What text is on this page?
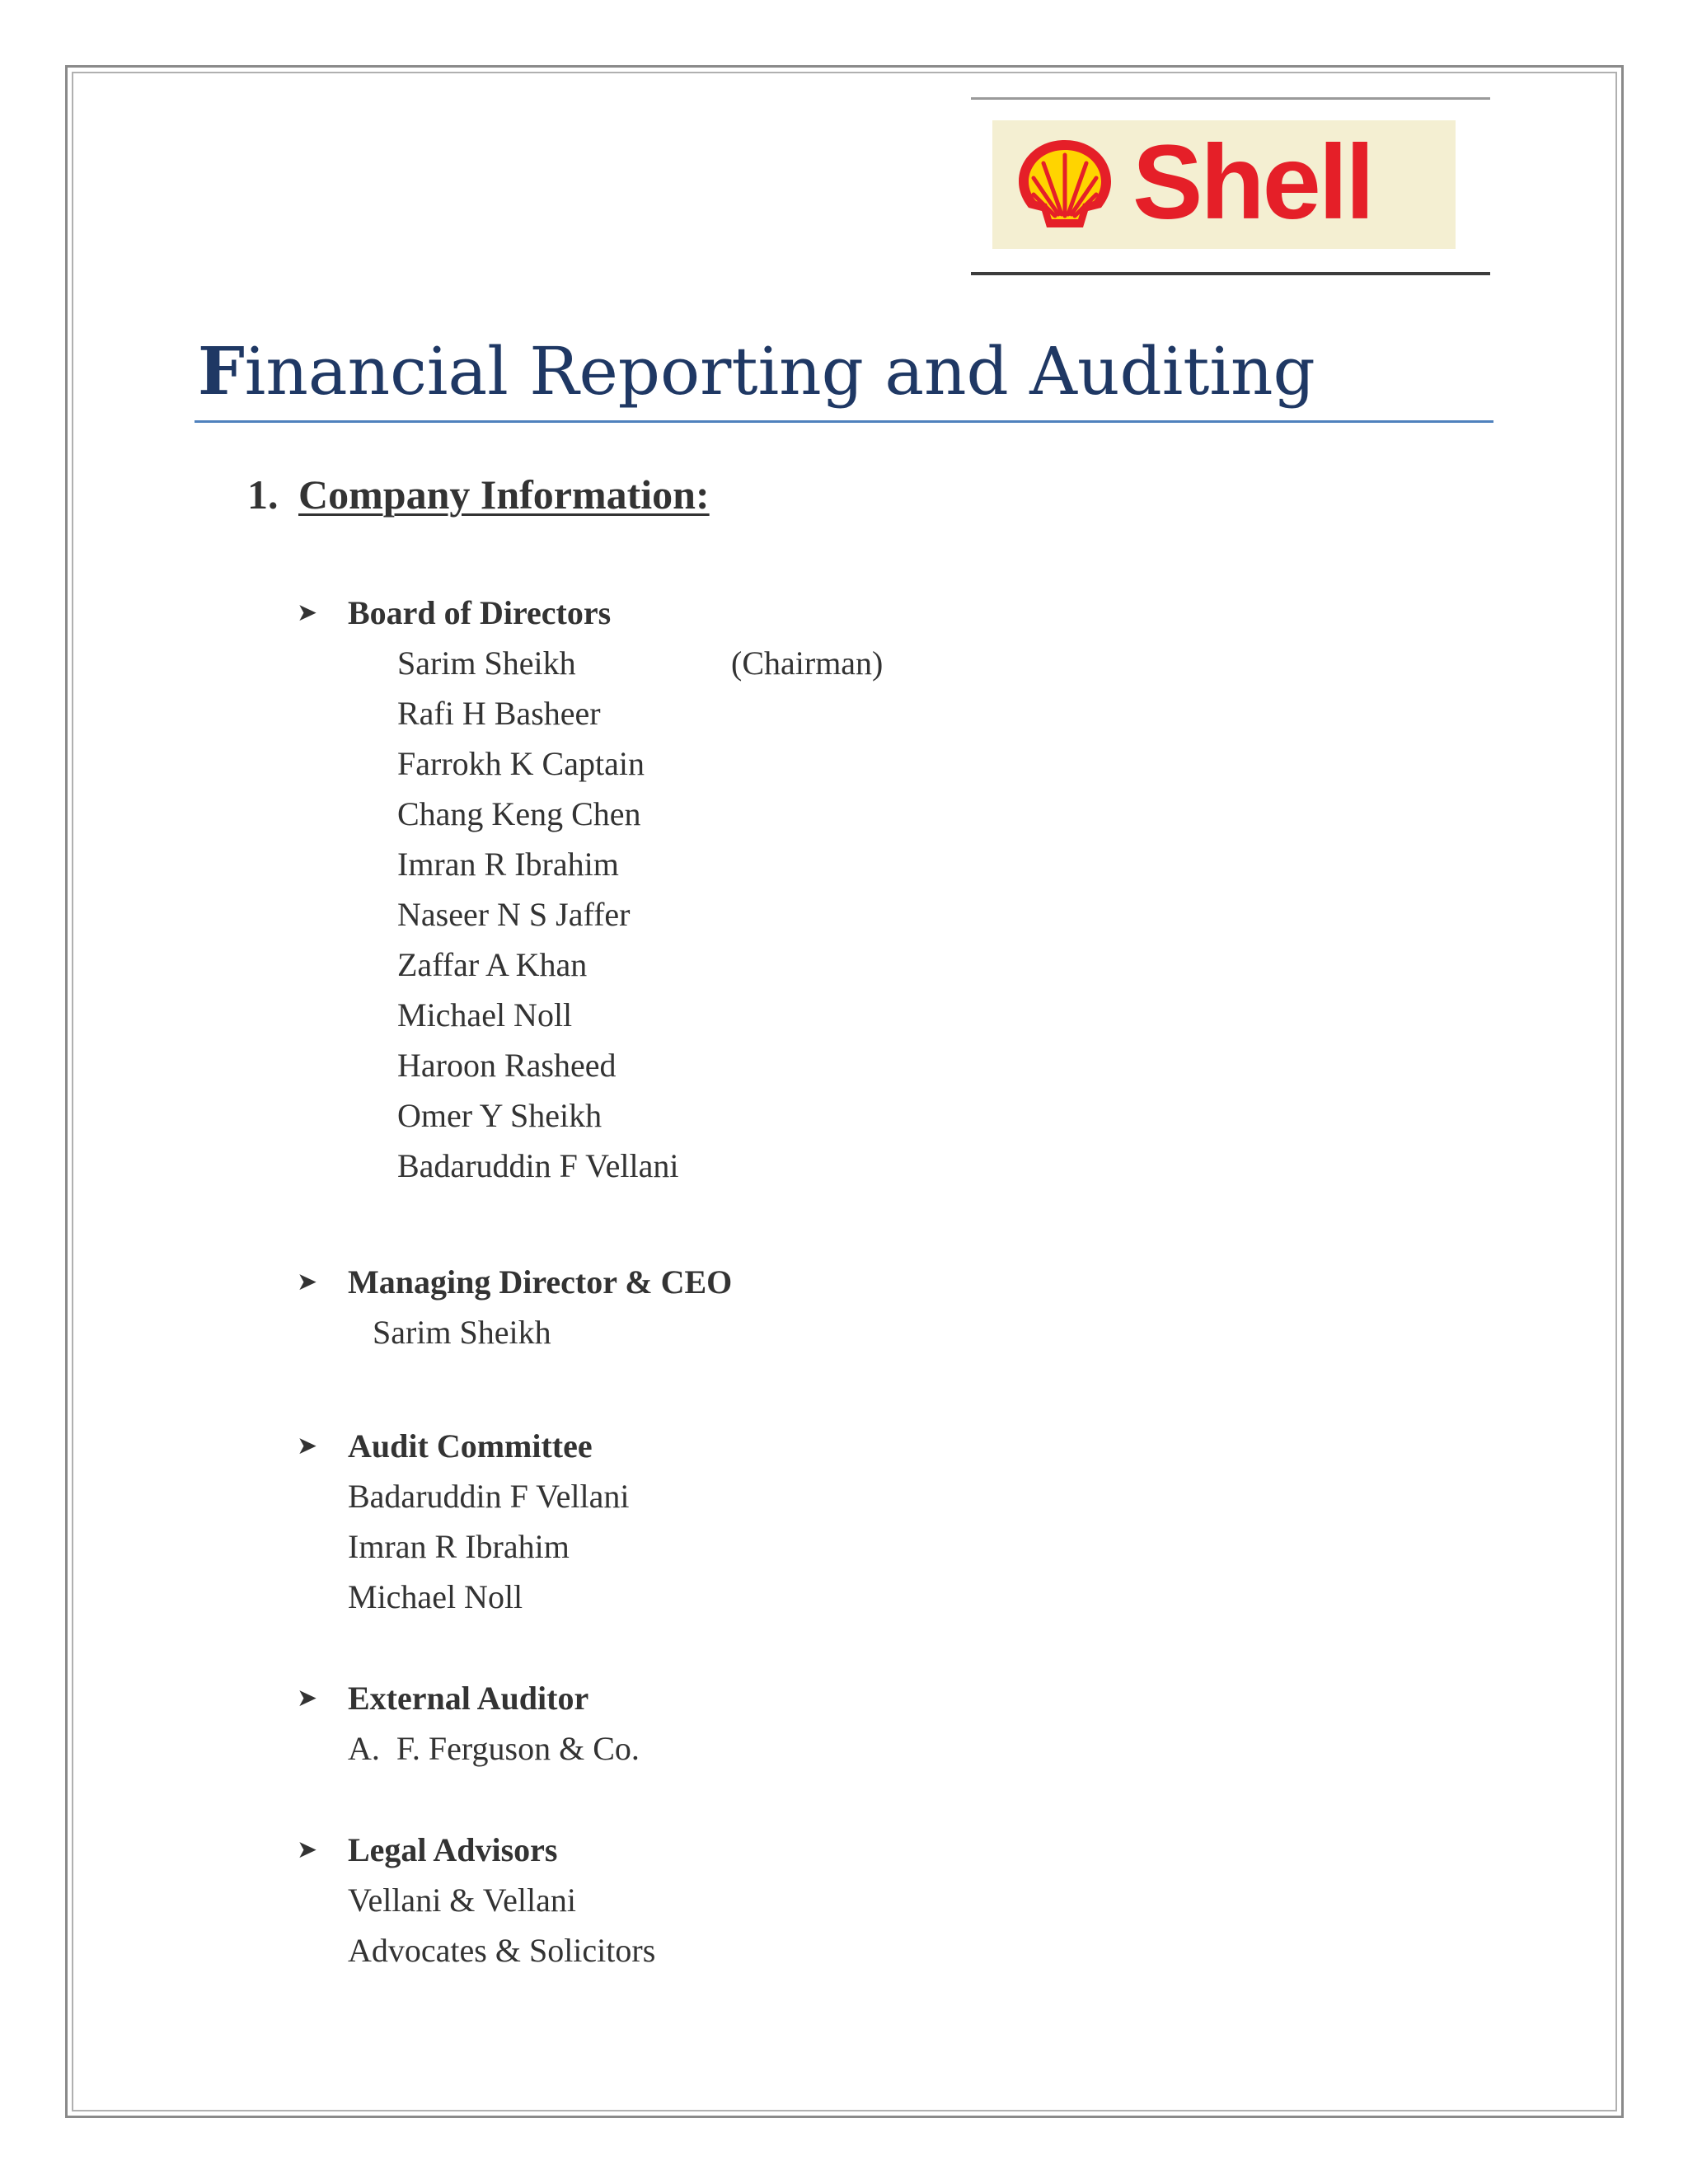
Shell
Financial Reporting and Auditing
1. Company Information:
➤ Board of Directors
Sarim Sheikh	(Chairman)
Rafi H Basheer
Farrokh K Captain
Chang Keng Chen
Imran R Ibrahim
Naseer N S Jaffer
Zaffar A Khan
Michael Noll
Haroon Rasheed
Omer Y Sheikh
Badaruddin F Vellani
➤ Managing Director & CEO
Sarim Sheikh
➤ Audit Committee
Badaruddin F Vellani
Imran R Ibrahim
Michael Noll
➤ External Auditor
A.  F. Ferguson & Co.
➤ Legal Advisors
Vellani & Vellani
Advocates & Solicitors
